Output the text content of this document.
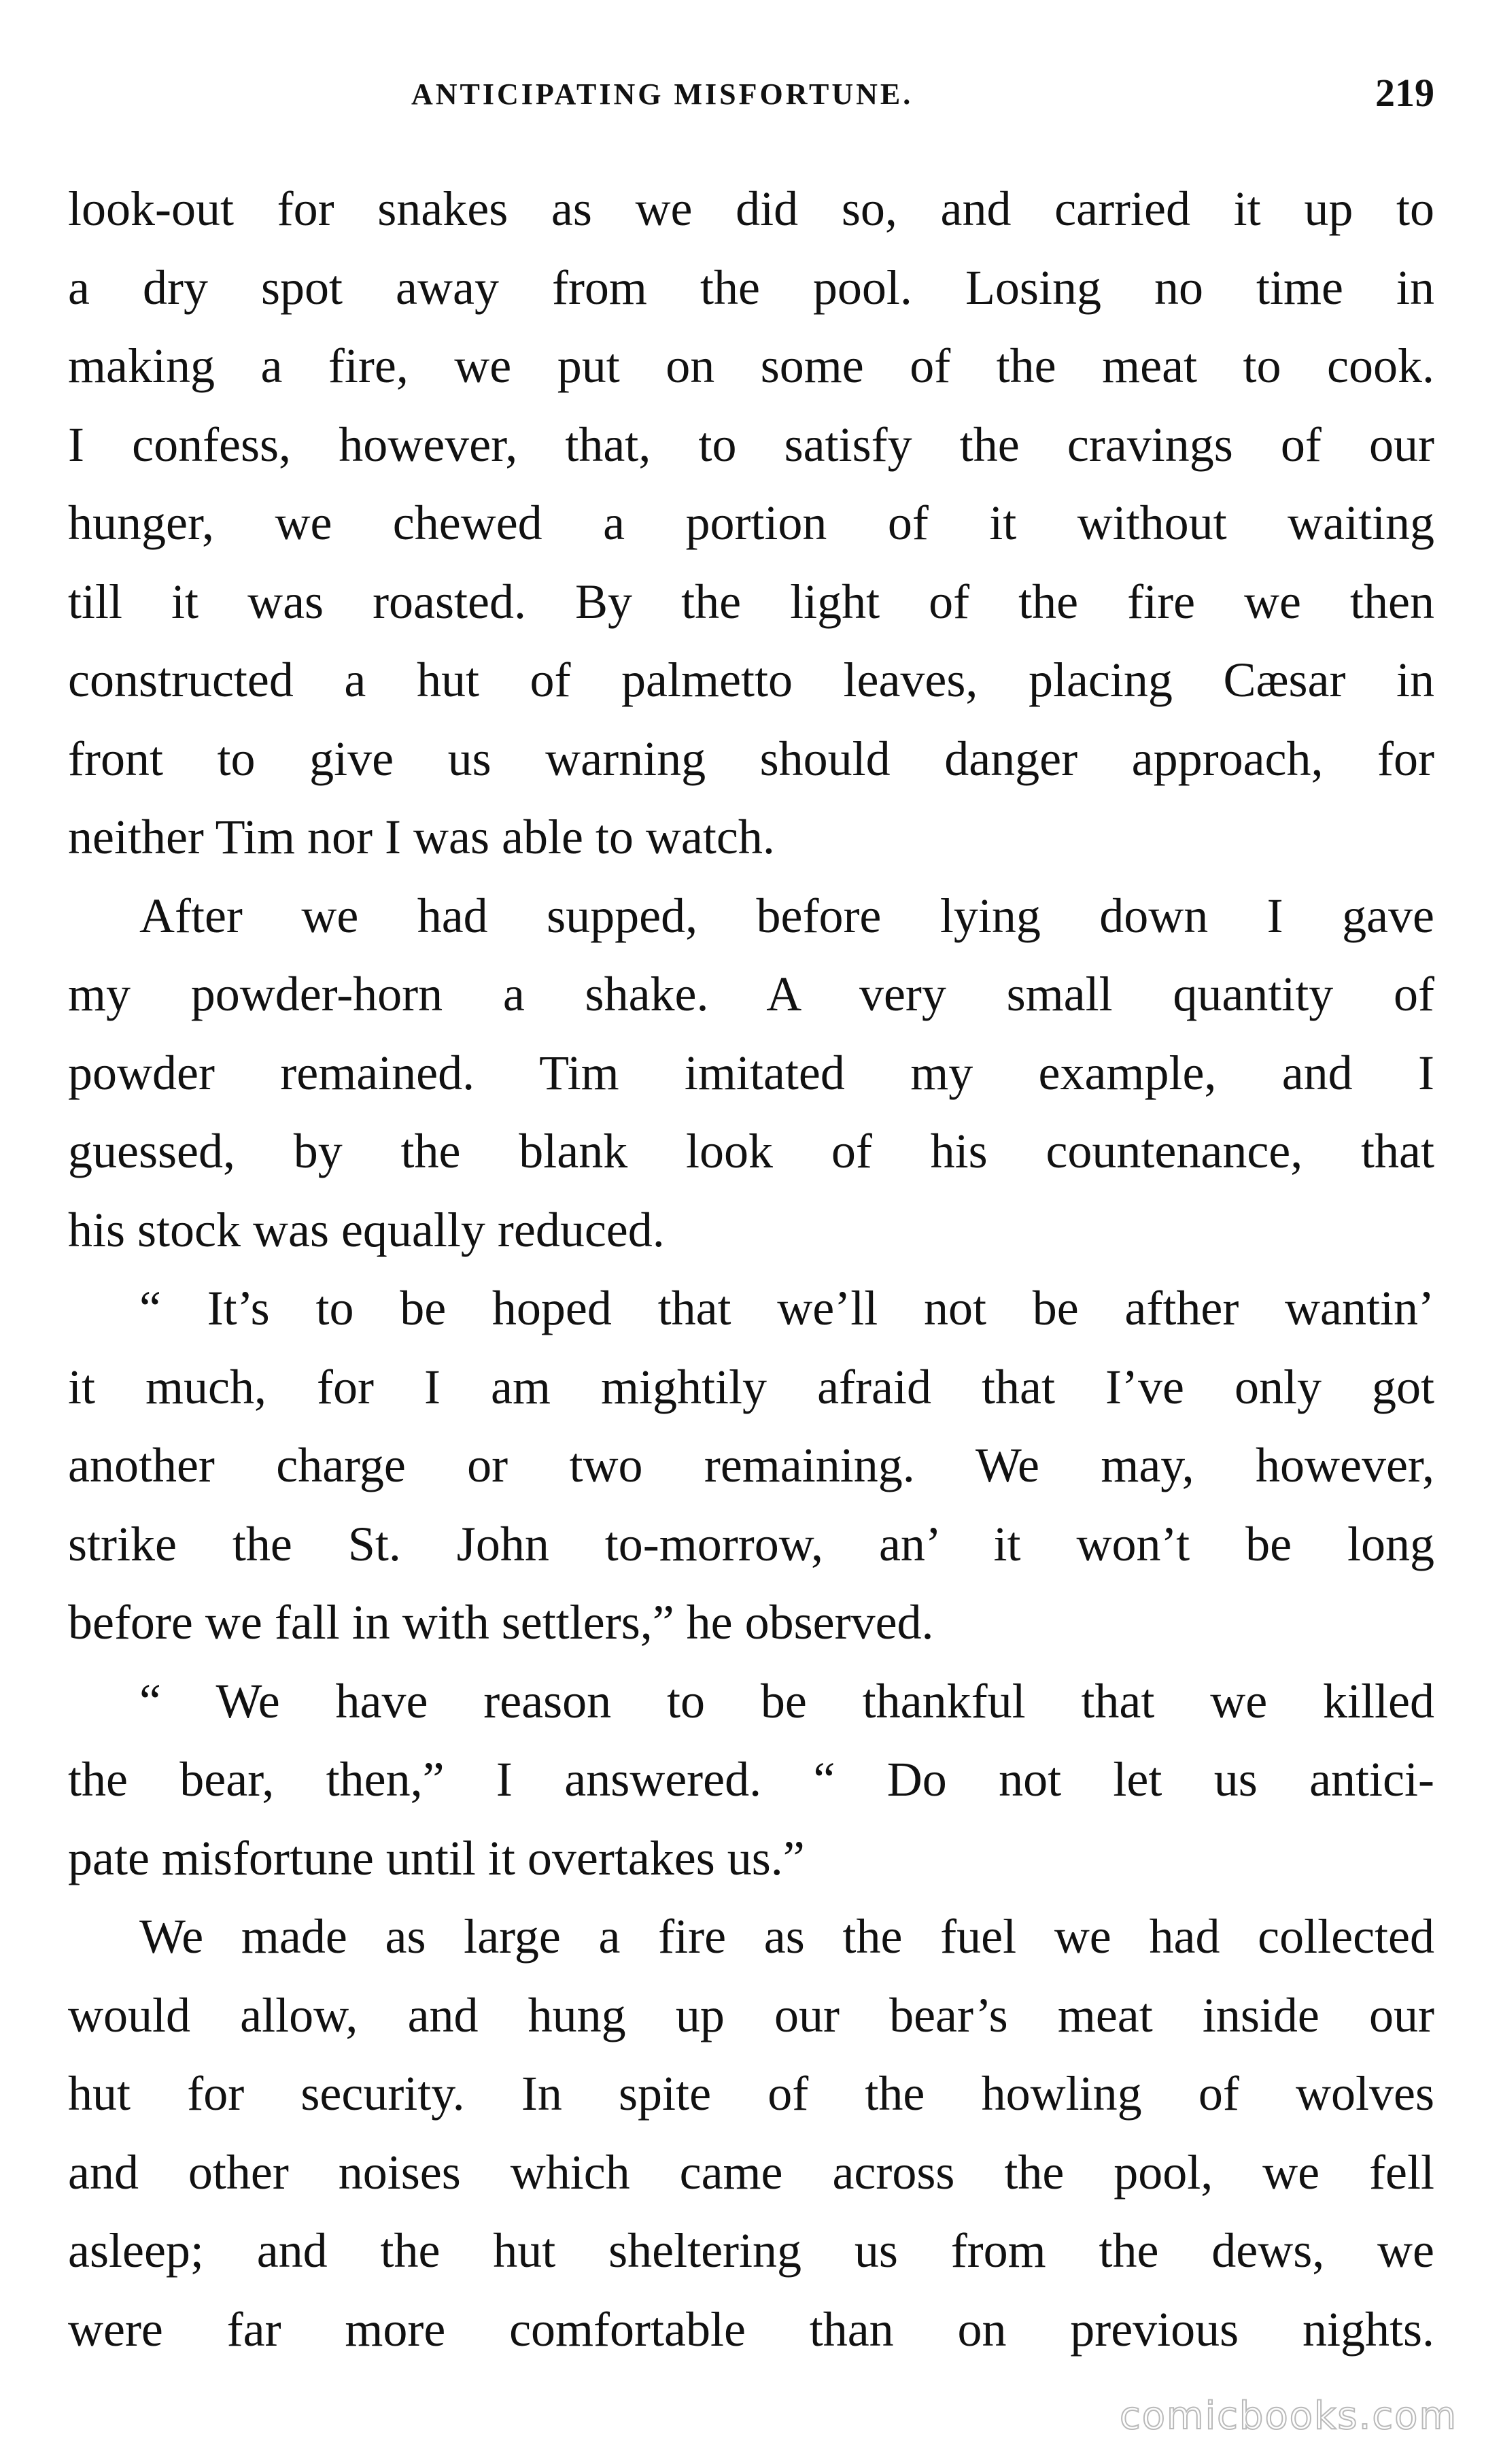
ANTICIPATING MISFORTUNE.	219
look-out for snakes as we did so, and carried it up to
a dry spot away from the pool. Losing no time in
making a fire, we put on some of the meat to cook.
I confess, however, that, to satisfy the cravings of our
hunger, we chewed a portion of it without waiting
till it was roasted. By the light of the fire we then
constructed a hut of palmetto leaves, placing Cæsar in
front to give us warning should danger approach, for
neither Tim nor I was able to watch.
After we had supped, before lying down I gave
my powder-horn a shake. A very small quantity of
powder remained. Tim imitated my example, and I
guessed, by the blank look of his countenance, that
his stock was equally reduced.
“ It’s to be hoped that we’ll not be afther wantin’
it much, for I am mightily afraid that I’ve only got
another charge or two remaining. We may, however,
strike the St. John to-morrow, an’ it won’t be long
before we fall in with settlers,” he observed.
“ We have reason to be thankful that we killed
the bear, then,” I answered. “ Do not let us antici-
pate misfortune until it overtakes us.”
We made as large a fire as the fuel we had collected
would allow, and hung up our bear’s meat inside our
hut for security. In spite of the howling of wolves
and other noises which came across the pool, we fell
asleep; and the hut sheltering us from the dews, we
were far more comfortable than on previous nights.
comicbooks.com
